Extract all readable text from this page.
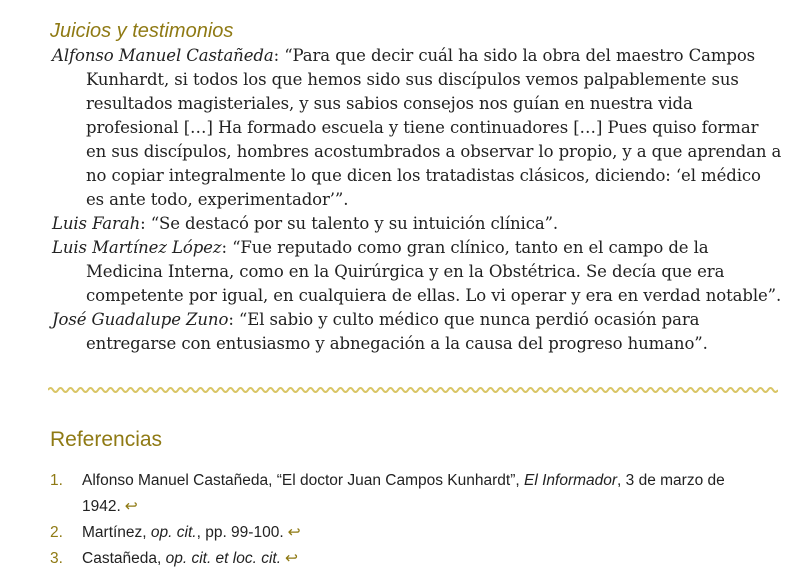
Juicios y testimonios

Alfonso Manuel Castañeda: “Para que decir cuál ha sido la obra del maestro Campos Kunhardt, si todos los que hemos sido sus discípulos vemos palpablemente sus resultados magisteriales, y sus sabios consejos nos guían en nuestra vida profesional […] Ha formado escuela y tiene continuadores […] Pues quiso formar en sus discípulos, hombres acostumbrados a observar lo propio, y a que aprendan a no copiar integralmente lo que dicen los tratadistas clásicos, diciendo: ‘el médico es ante todo, experimentador’”.

Luis Farah: “Se destacó por su talento y su intuición clínica”.

Luis Martínez López: “Fue reputado como gran clínico, tanto en el campo de la Medicina Interna, como en la Quirúrgica y en la Obstétrica. Se decía que era competente por igual, en cualquiera de ellas. Lo vi operar y era en verdad notable”.

José Guadalupe Zuno: “El sabio y culto médico que nunca perdió ocasión para entregarse con entusiasmo y abnegación a la causa del progreso humano”.

Referencias
1. Alfonso Manuel Castañeda, “El doctor Juan Campos Kunhardt”, El Informador, 3 de marzo de 1942. ↩
2. Martínez, op. cit., pp. 99-100. ↩
3. Castañeda, op. cit. et loc. cit. ↩
